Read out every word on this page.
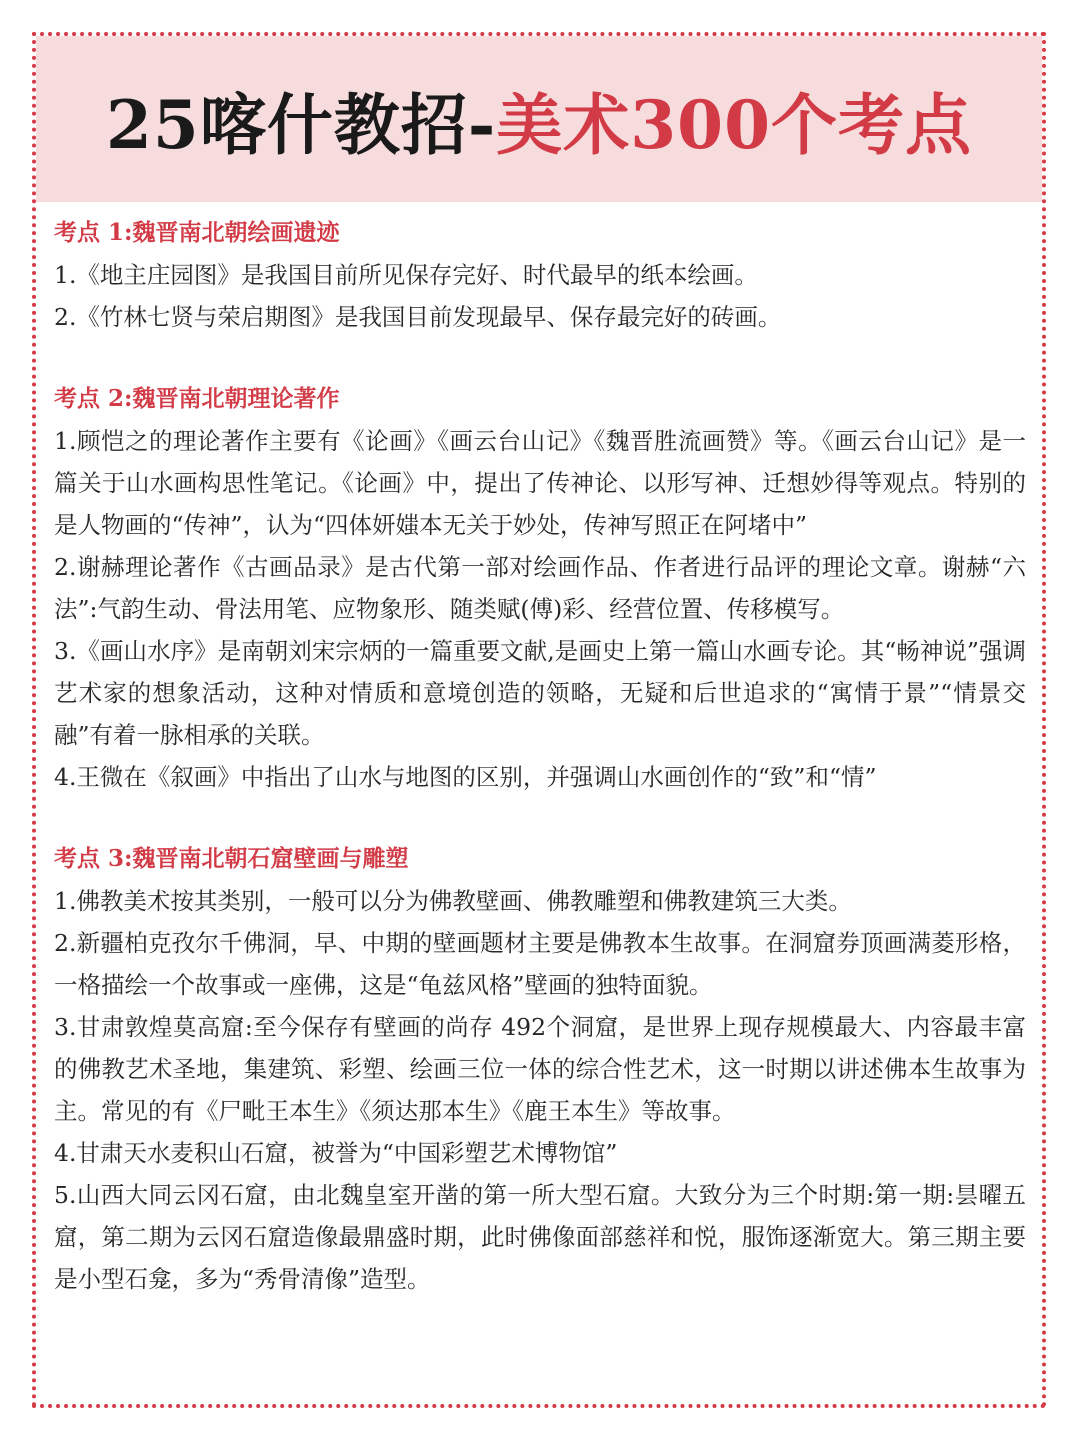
25喀什教招-美术300个考点

考点 1:魏晋南北朝绘画遗迹

1.《地主庄园图》是我国目前所见保存完好、时代最早的纸本绘画。

2.《竹林七贤与荣启期图》是我国目前发现最早、保存最完好的砖画。

考点 2:魏晋南北朝理论著作

1.顾恺之的理论著作主要有《论画》《画云台山记》《魏晋胜流画赞》等。《画云台山记》是一篇关于山水画构思性笔记。《论画》中，提出了传神论、以形写神、迁想妙得等观点。特别的是人物画的“传神”，认为“四体妍媸本无关于妙处，传神写照正在阿堵中”

2.谢赫理论著作《古画品录》是古代第一部对绘画作品、作者进行品评的理论文章。谢赫“六法”:气韵生动、骨法用笔、应物象形、随类赋(傅)彩、经营位置、传移模写。

3.《画山水序》是南朝刘宋宗炳的一篇重要文献,是画史上第一篇山水画专论。其“畅神说”强调艺术家的想象活动，这种对情质和意境创造的领略，无疑和后世追求的“寓情于景”“情景交融”有着一脉相承的关联。

4.王微在《叙画》中指出了山水与地图的区别，并强调山水画创作的“致”和“情”

考点 3:魏晋南北朝石窟壁画与雕塑

1.佛教美术按其类别，一般可以分为佛教壁画、佛教雕塑和佛教建筑三大类。

2.新疆柏克孜尔千佛洞，早、中期的壁画题材主要是佛教本生故事。在洞窟券顶画满菱形格，一格描绘一个故事或一座佛，这是“龟兹风格”壁画的独特面貌。

3.甘肃敦煌莫高窟:至今保存有壁画的尚存 492个洞窟，是世界上现存规模最大、内容最丰富的佛教艺术圣地，集建筑、彩塑、绘画三位一体的综合性艺术，这一时期以讲述佛本生故事为主。常见的有《尸毗王本生》《须达那本生》《鹿王本生》等故事。

4.甘肃天水麦积山石窟，被誉为“中国彩塑艺术博物馆”

5.山西大同云冈石窟，由北魏皇室开凿的第一所大型石窟。大致分为三个时期:第一期:昙曜五窟，第二期为云冈石窟造像最鼎盛时期，此时佛像面部慈祥和悦，服饰逐渐宽大。第三期主要是小型石龛，多为“秀骨清像”造型。
